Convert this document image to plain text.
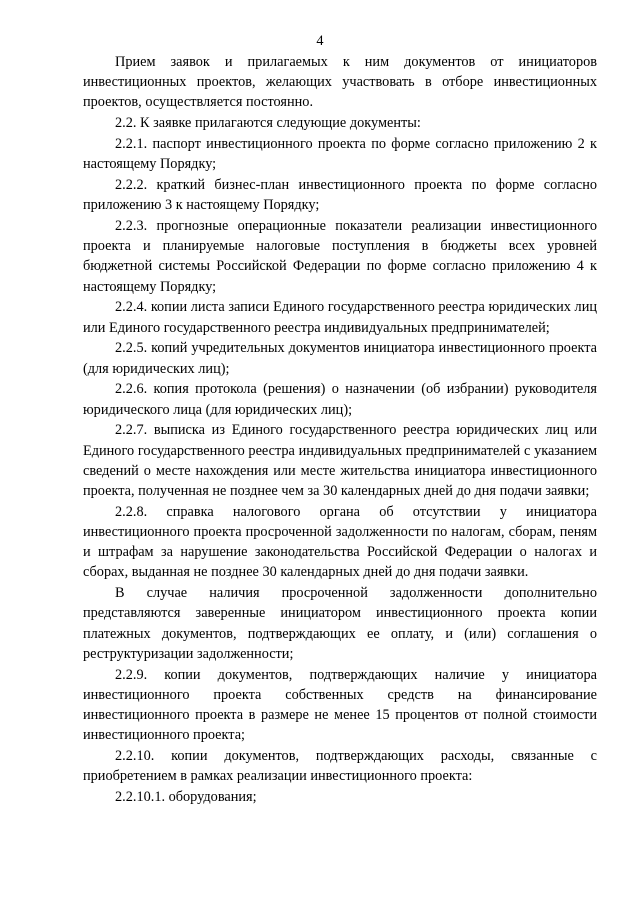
4

Прием заявок и прилагаемых к ним документов от инициаторов инвестиционных проектов, желающих участвовать в отборе инвестиционных проектов, осуществляется постоянно.

2.2. К заявке прилагаются следующие документы:

2.2.1. паспорт инвестиционного проекта по форме согласно приложению 2 к настоящему Порядку;

2.2.2. краткий бизнес-план инвестиционного проекта по форме согласно приложению 3 к настоящему Порядку;

2.2.3. прогнозные операционные показатели реализации инвестиционного проекта и планируемые налоговые поступления в бюджеты всех уровней бюджетной системы Российской Федерации по форме согласно приложению 4 к настоящему Порядку;

2.2.4. копии листа записи Единого государственного реестра юридических лиц или Единого государственного реестра индивидуальных предпринимателей;

2.2.5. копий учредительных документов инициатора инвестиционного проекта (для юридических лиц);

2.2.6. копия протокола (решения) о назначении (об избрании) руководителя юридического лица (для юридических лиц);

2.2.7. выписка из Единого государственного реестра юридических лиц или Единого государственного реестра индивидуальных предпринимателей с указанием сведений о месте нахождения или месте жительства инициатора инвестиционного проекта, полученная не позднее чем за 30 календарных дней до дня подачи заявки;

2.2.8. справка налогового органа об отсутствии у инициатора инвестиционного проекта просроченной задолженности по налогам, сборам, пеням и штрафам за нарушение законодательства Российской Федерации о налогах и сборах, выданная не позднее 30 календарных дней до дня подачи заявки.

В случае наличия просроченной задолженности дополнительно представляются заверенные инициатором инвестиционного проекта копии платежных документов, подтверждающих ее оплату, и (или) соглашения о реструктуризации задолженности;

2.2.9. копии документов, подтверждающих наличие у инициатора инвестиционного проекта собственных средств на финансирование инвестиционного проекта в размере не менее 15 процентов от полной стоимости инвестиционного проекта;

2.2.10. копии документов, подтверждающих расходы, связанные с приобретением в рамках реализации инвестиционного проекта:

2.2.10.1. оборудования;
